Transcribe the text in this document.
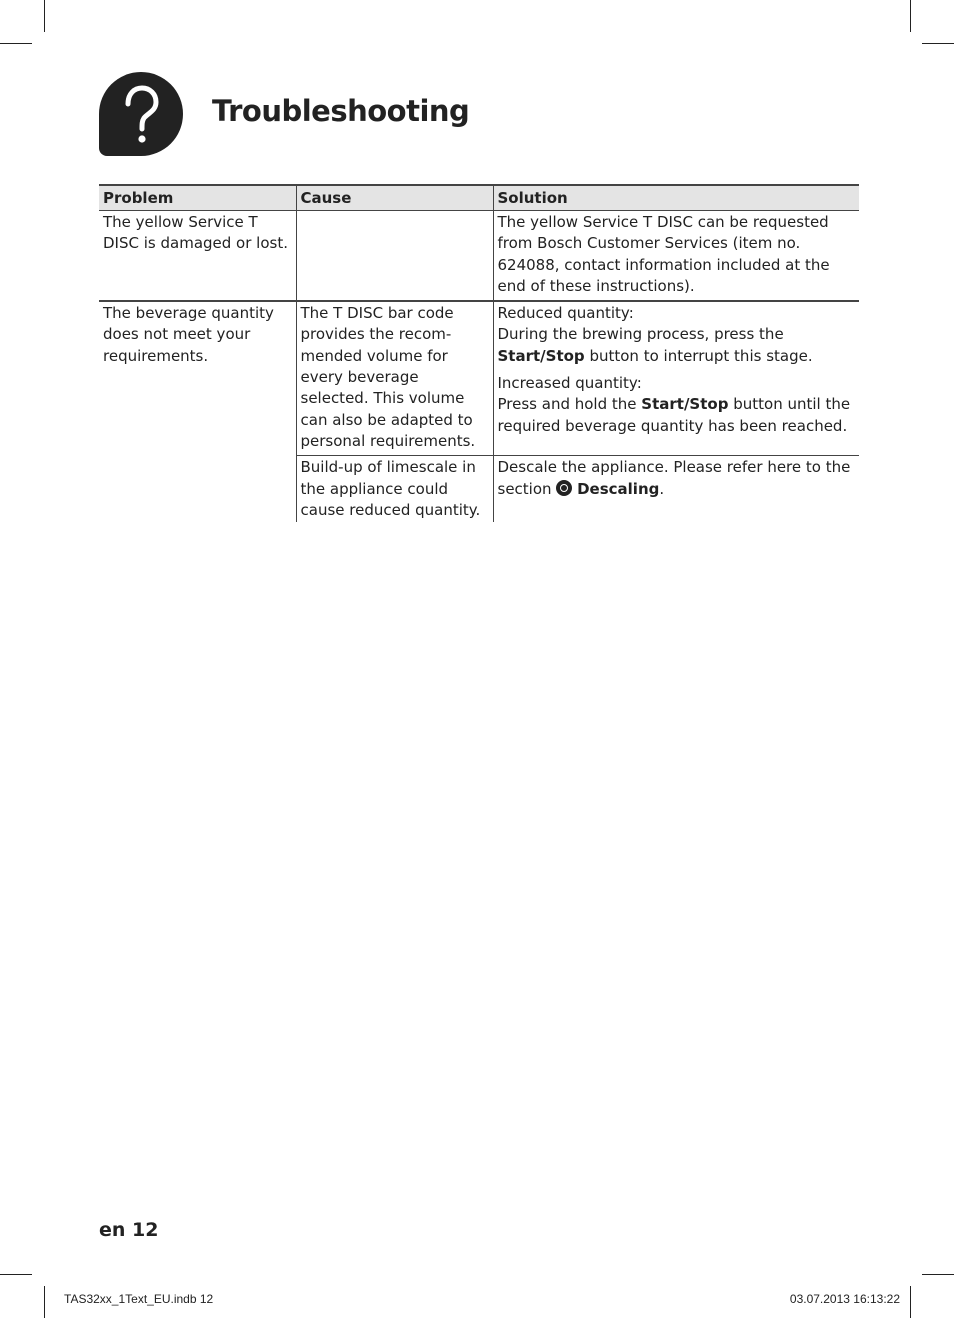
Troubleshooting
Problem	Cause	Solution
The yellow Service T DISC is damaged or lost.		The yellow Service T DISC can be requested from Bosch Customer Services (item no. 624088, contact information included at the end of these instructions).
The beverage quantity does not meet your requirements.	The T DISC bar code provides the recom-mended volume for every beverage selected. This volume can also be adapted to personal requirements.	Reduced quantity:
During the brewing process, press the Start/Stop button to interrupt this stage.

Increased quantity:
Press and hold the Start/Stop button until the required beverage quantity has been reached.

	Build-up of limescale in the appliance could cause reduced quantity.	Descale the appliance. Please refer here to the section Descaling.
en 12
TAS32xx_1Text_EU.indb 12	03.07.2013 16:13:22
